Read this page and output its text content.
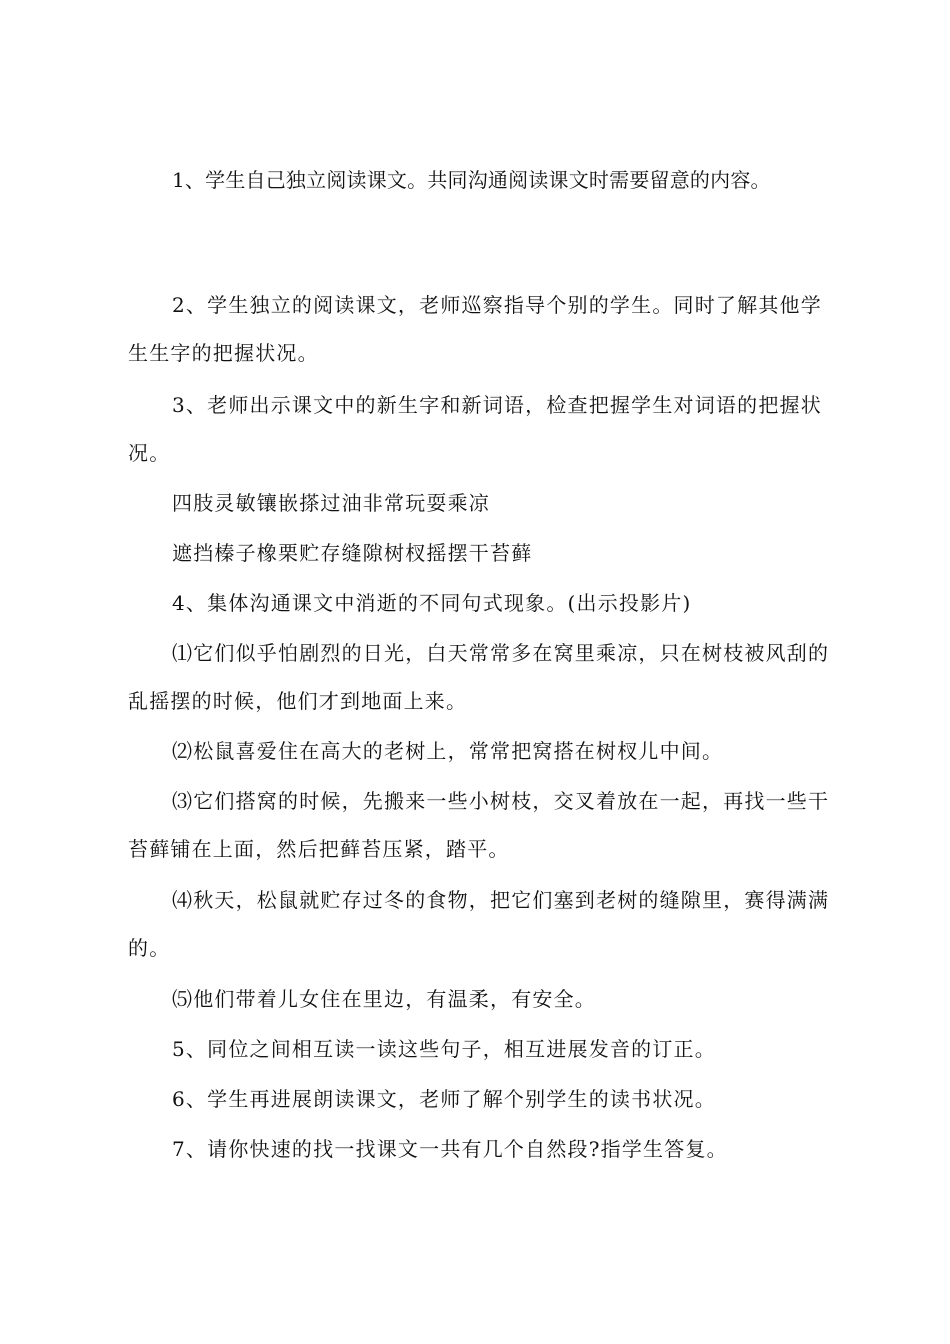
1、学生自己独立阅读课文。共同沟通阅读课文时需要留意的内容。

2、学生独立的阅读课文，老师巡察指导个别的学生。同时了解其他学生生字的把握状况。

3、老师出示课文中的新生字和新词语，检查把握学生对词语的把握状况。

四肢灵敏镶嵌搽过油非常玩耍乘凉

遮挡榛子橡栗贮存缝隙树杈摇摆干苔藓

4、集体沟通课文中消逝的不同句式现象。(出示投影片)

⑴它们似乎怕剧烈的日光，白天常常多在窝里乘凉，只在树枝被风刮的乱摇摆的时候，他们才到地面上来。

⑵松鼠喜爱住在高大的老树上，常常把窝搭在树杈儿中间。

⑶它们搭窝的时候，先搬来一些小树枝，交叉着放在一起，再找一些干苔藓铺在上面，然后把藓苔压紧，踏平。

⑷秋天，松鼠就贮存过冬的食物，把它们塞到老树的缝隙里，赛得满满的。

⑸他们带着儿女住在里边，有温柔，有安全。

5、同位之间相互读一读这些句子，相互进展发音的订正。

6、学生再进展朗读课文，老师了解个别学生的读书状况。

7、请你快速的找一找课文一共有几个自然段?指学生答复。
